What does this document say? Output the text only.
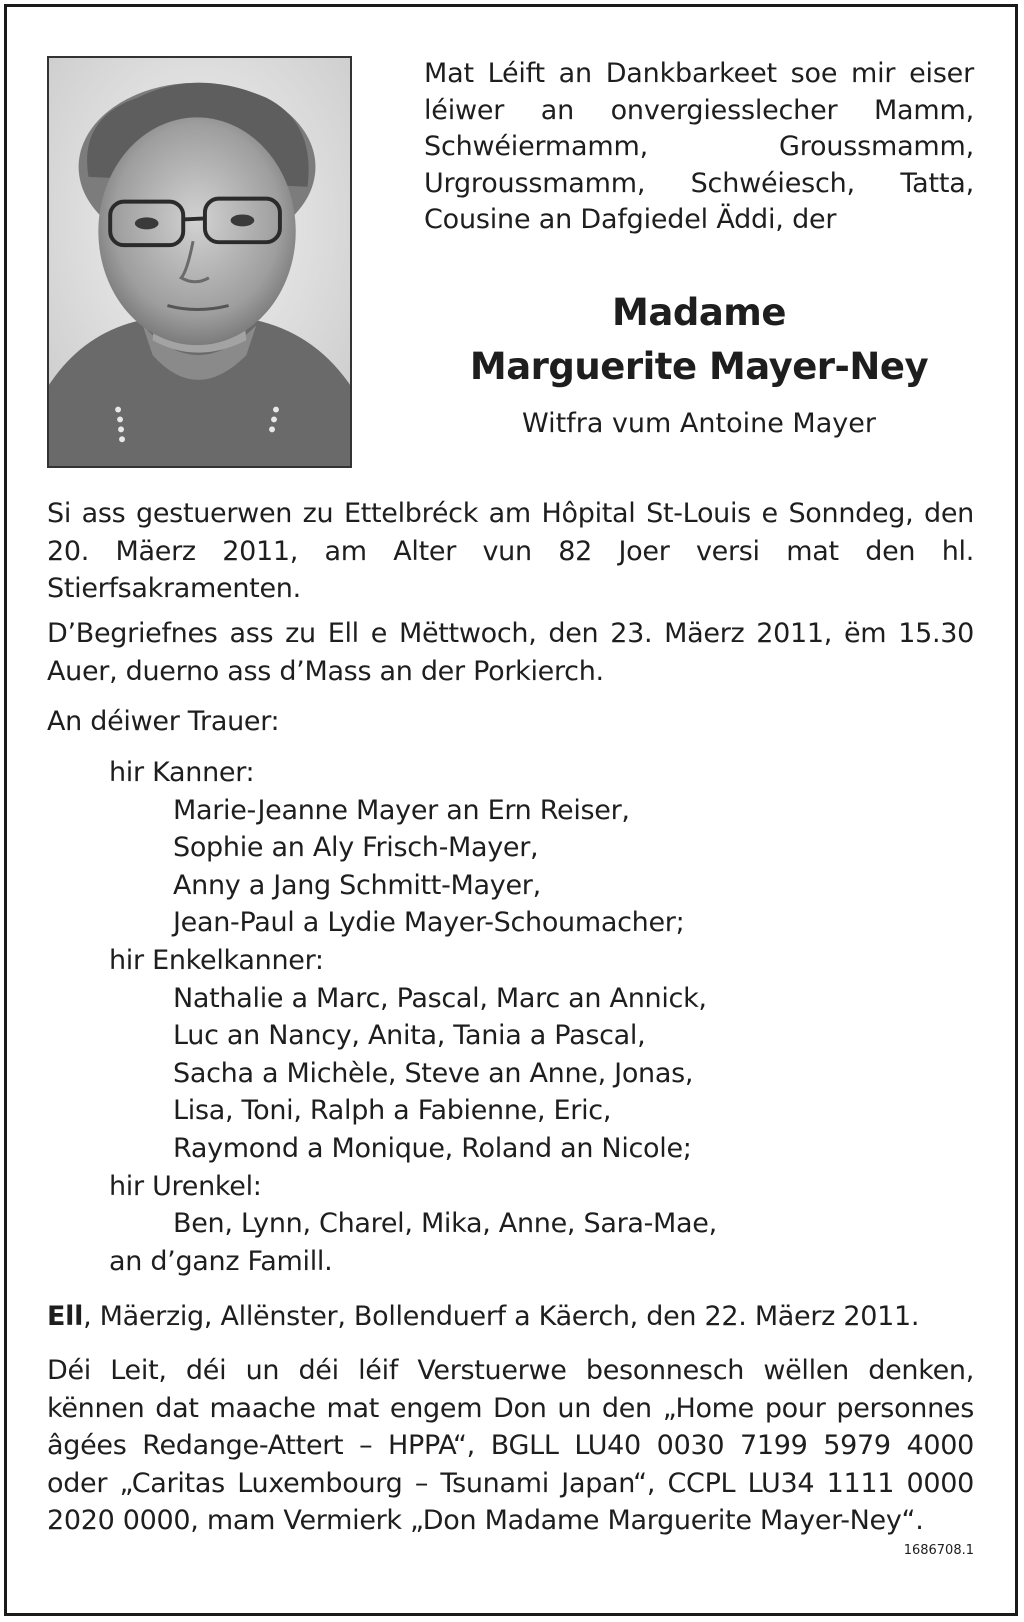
Mat Léift an Dankbarkeet soe mir eiser léiwer an onvergiesslecher Mamm, Schwéiermamm, Groussmamm, Urgroussmamm, Schwéiesch, Tatta, Cousine an Dafgiedel Äddi, der

Madame
Marguerite Mayer-Ney
Witfra vum Antoine Mayer

Si ass gestuerwen zu Ettelbréck am Hôpital St-Louis e Sonndeg, den 20. Mäerz 2011, am Alter vun 82 Joer versi mat den hl. Stierfsakramenten.

D’Begriefnes ass zu Ell e Mëttwoch, den 23. Mäerz 2011, ëm 15.30 Auer, duerno ass d’Mass an der Porkierch.

An déiwer Trauer:

hir Kanner:
Marie-Jeanne Mayer an Ern Reiser,
Sophie an Aly Frisch-Mayer,
Anny a Jang Schmitt-Mayer,
Jean-Paul a Lydie Mayer-Schoumacher;
hir Enkelkanner:
Nathalie a Marc, Pascal, Marc an Annick,
Luc an Nancy, Anita, Tania a Pascal,
Sacha a Michèle, Steve an Anne, Jonas,
Lisa, Toni, Ralph a Fabienne, Eric,
Raymond a Monique, Roland an Nicole;
hir Urenkel:
Ben, Lynn, Charel, Mika, Anne, Sara-Mae,
an d’ganz Famill.

Ell, Mäerzig, Allënster, Bollenduerf a Käerch, den 22. Mäerz 2011.

Déi Leit, déi un déi léif Verstuerwe besonnesch wëllen denken, kënnen dat maache mat engem Don un den „Home pour personnes âgées Redange-Attert – HPPA“, BGLL LU40 0030 7199 5979 4000 oder „Caritas Luxembourg – Tsunami Japan“, CCPL LU34 1111 0000 2020 0000, mam Vermierk „Don Madame Marguerite Mayer-Ney“.

1686708.1
